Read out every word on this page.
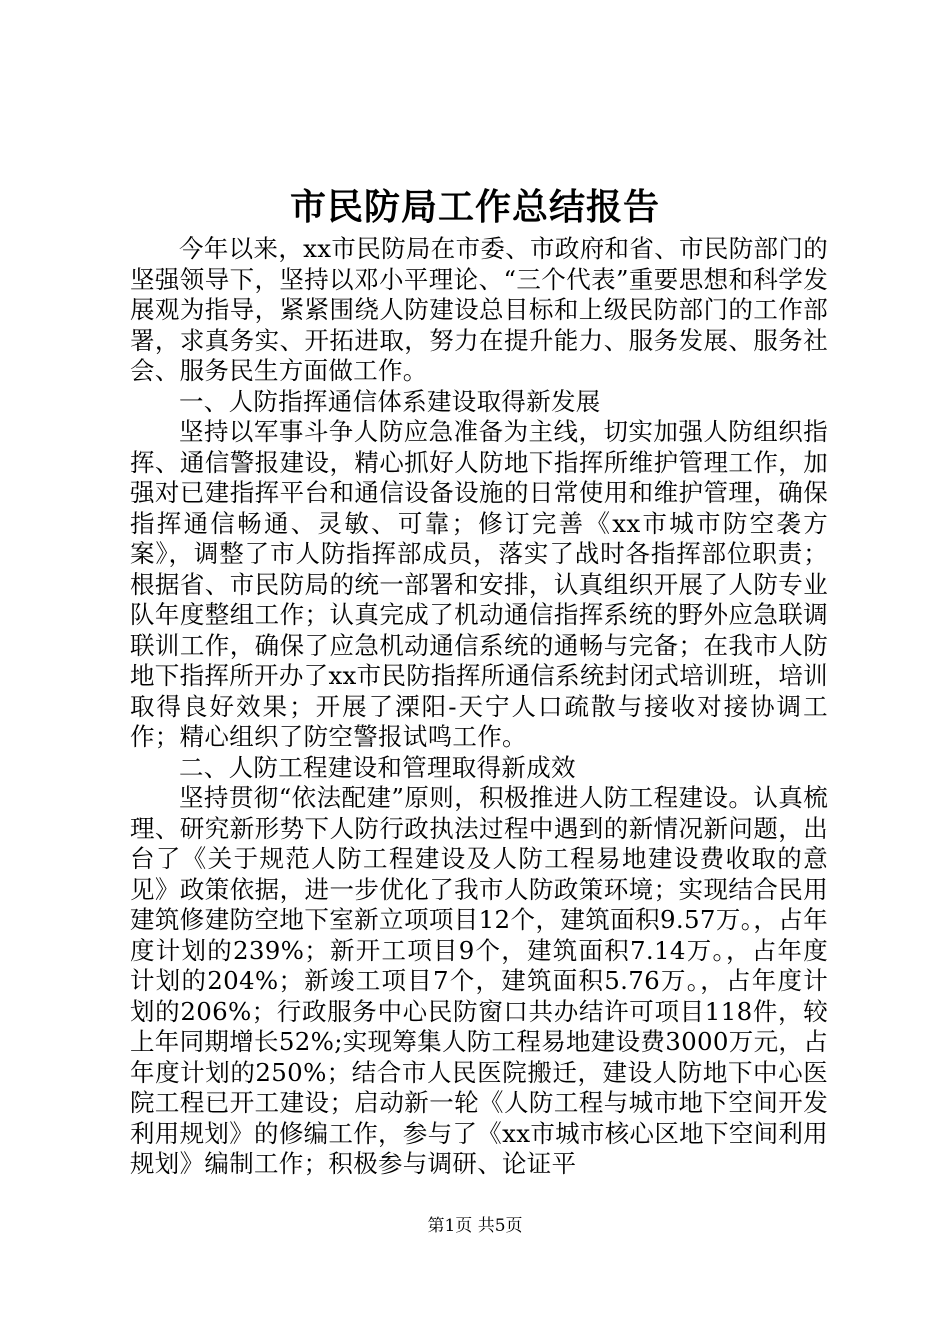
市民防局工作总结报告

今年以来，xx市民防局在市委、市政府和省、市民防部门的坚强领导下，坚持以邓小平理论、“三个代表”重要思想和科学发展观为指导，紧紧围绕人防建设总目标和上级民防部门的工作部署，求真务实、开拓进取，努力在提升能力、服务发展、服务社会、服务民生方面做工作。

一、人防指挥通信体系建设取得新发展

坚持以军事斗争人防应急准备为主线，切实加强人防组织指挥、通信警报建设，精心抓好人防地下指挥所维护管理工作，加强对已建指挥平台和通信设备设施的日常使用和维护管理，确保指挥通信畅通、灵敏、可靠；修订完善《xx市城市防空袭方案》，调整了市人防指挥部成员，落实了战时各指挥部位职责；根据省、市民防局的统一部署和安排，认真组织开展了人防专业队年度整组工作；认真完成了机动通信指挥系统的野外应急联调联训工作，确保了应急机动通信系统的通畅与完备；在我市人防地下指挥所开办了xx市民防指挥所通信系统封闭式培训班，培训取得良好效果；开展了溧阳-天宁人口疏散与接收对接协调工作；精心组织了防空警报试鸣工作。

二、人防工程建设和管理取得新成效

坚持贯彻“依法配建”原则，积极推进人防工程建设。认真梳理、研究新形势下人防行政执法过程中遇到的新情况新问题，出台了《关于规范人防工程建设及人防工程易地建设费收取的意见》政策依据，进一步优化了我市人防政策环境；实现结合民用建筑修建防空地下室新立项项目12个，建筑面积9.57万。，占年度计划的239%；新开工项目9个，建筑面积7.14万。，占年度计划的204%；新竣工项目7个，建筑面积5.76万。，占年度计划的206%；行政服务中心民防窗口共办结许可项目118件，较上年同期增长52%;实现筹集人防工程易地建设费3000万元，占年度计划的250%；结合市人民医院搬迁，建设人防地下中心医院工程已开工建设；启动新一轮《人防工程与城市地下空间开发利用规划》的修编工作，参与了《xx市城市核心区地下空间利用规划》编制工作；积极参与调研、论证平

第1页 共5页
